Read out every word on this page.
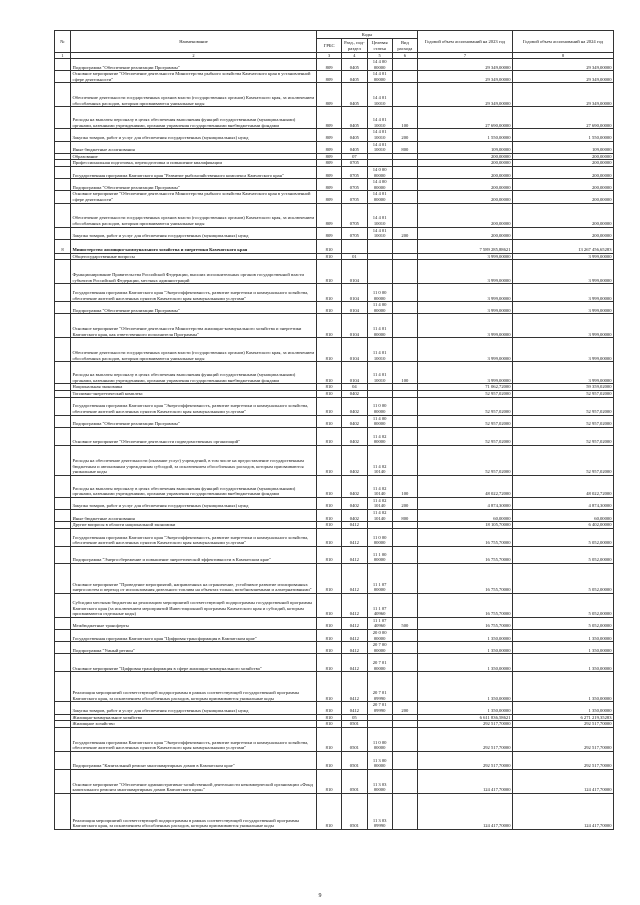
№	Наименование	Коды				Годовой объем ассигнований на 2023 год	Годовой объем ассигнований на 2024 год
		ГРБС	Разд., под-раздел	Целевая статья	Вид расхода		
1	2	3	4	5	6	7	8
	Подпрограмма "Обеспечение реализации Программы"	809	0405	14 4 00 00000		29 349,00000	29 349,00000
	Основное мероприятие "Обеспечение деятельности Министерства рыбного хозяйства Камчатского края в установленной сфере деятельности"	809	0405	14 4 01 00000		29 349,00000	29 349,00000
	Обеспечение деятельности государственных органов власти (государственных органов) Камчатского края, за исключением обособленных расходов, которым присваиваются уникальные коды	809	0405	14 4 01 10010		29 349,00000	29 349,00000
	Расходы на выплаты персоналу в целях обеспечения выполнения функций государственными (муниципальными) органами, казенными учреждениями, органами управления государственными внебюджетными фондами	809	0405	14 4 01 10010	100	27 690,00000	27 690,00000
	Закупка товаров, работ и услуг для обеспечения государственных (муниципальных) нужд	809	0405	14 4 01 10010	200	1 550,00000	1 550,00000
	Иные бюджетные ассигнования	809	0405	14 4 01 10010	800	109,00000	109,00000
	Образование	809	07			200,00000	200,00000
	Профессиональная подготовка, переподготовка и повышение квалификации	809	0705			200,00000	200,00000
	Государственная программа Камчатского края "Развитие рыбохозяйственного комплекса Камчатского края"	809	0705	14 0 00 00000		200,00000	200,00000
	Подпрограмма "Обеспечение реализации Программы"	809	0705	14 4 00 00000		200,00000	200,00000
	Основное мероприятие "Обеспечение деятельности Министерства рыбного хозяйства Камчатского края в установленной сфере деятельности"	809	0705	14 4 01 00000		200,00000	200,00000
	Обеспечение деятельности государственных органов власти (государственных органов) Камчатского края, за исключением обособленных расходов, которым присваиваются уникальные коды	809	0705	14 4 01 10010		200,00000	200,00000
	Закупка товаров, работ и услуг для обеспечения государственных (муниципальных) нужд	809	0705	14 4 01 10010	200	200,00000	200,00000
8	Министерство жилищно-коммунального хозяйства и энергетики Камчатского края	810				7 589 285,88621	13 267 456,65283
	Общегосударственные вопросы	810	01			3 999,00000	3 999,00000
	Функционирование Правительства Российской Федерации, высших исполнительных органов государственной власти субъектов Российской Федерации, местных администраций	810	0104			3 999,00000	3 999,00000
	Государственная программа Камчатского края "Энергоэффективность, развитие энергетики и коммунального хозяйства, обеспечение жителей населенных пунктов Камчатского края коммунальными услугами"	810	0104	11 0 00 00000		3 999,00000	3 999,00000
	Подпрограмма "Обеспечение реализации Программы"	810	0104	11 4 00 00000		3 999,00000	3 999,00000
	Основное мероприятие "Обеспечение деятельности Министерства жилищно-коммунального хозяйства и энергетики Камчатского края, как ответственного исполнителя Программы"	810	0104	11 4 01 00000		3 999,00000	3 999,00000
	Обеспечение деятельности государственных органов власти (государственных органов) Камчатского края, за исключением обособленных расходов, которым присваиваются уникальные коды	810	0104	11 4 01 10010		3 999,00000	3 999,00000
	Расходы на выплаты персоналу в целях обеспечения выполнения функций государственными (муниципальными) органами, казенными учреждениями, органами управления государственными внебюджетными фондами	810	0104	11 4 01 10010	100	3 999,00000	3 999,00000
	Национальная экономика	810	04			71 062,72000	59 359,02000
	Топливно-энергетический комплекс	810	0402			52 957,02000	52 957,02000
	Государственная программа Камчатского края "Энергоэффективность, развитие энергетики и коммунального хозяйства, обеспечение жителей населенных пунктов Камчатского края коммунальными услугами"	810	0402	11 0 00 00000		52 957,02000	52 957,02000
	Подпрограмма "Обеспечение реализации Программы"	810	0402	11 4 00 00000		52 957,02000	52 957,02000
	Основное мероприятие "Обеспечение деятельности подведомственных организаций"	810	0402	11 4 02 00000		52 957,02000	52 957,02000
	Расходы на обеспечение деятельности (оказание услуг) учреждений, в том числе на предоставление государственным бюджетным и автономным учреждениям субсидий, за исключением обособленных расходов, которым присваиваются уникальные коды	810	0402	11 4 02 10140		52 957,02000	52 957,02000
	Расходы на выплаты персоналу в целях обеспечения выполнения функций государственными (муниципальными) органами, казенными учреждениями, органами управления государственными внебюджетными фондами	810	0402	11 4 02 10140	100	48 022,72000	48 022,72000
	Закупка товаров, работ и услуг для обеспечения государственных (муниципальных) нужд	810	0402	11 4 02 10140	200	4 874,30000	4 874,30000
	Иные бюджетные ассигнования	810	0402	11 4 02 10140	800	60,00000	60,00000
	Другие вопросы в области национальной экономики	810	0412			18 105,70000	6 402,00000
	Государственная программа Камчатского края "Энергоэффективность, развитие энергетики и коммунального хозяйства, обеспечение жителей населенных пунктов Камчатского края коммунальными услугами"	810	0412	11 0 00 00000		16 755,70000	5 052,00000
	Подпрограмма "Энергосбережение и повышение энергетической эффективности в Камчатском крае"	810	0412	11 1 00 00000		16 755,70000	5 052,00000
	Основное мероприятие "Проведение мероприятий, направленных на ограничение, устойчивое развитие изолированных энергосистем и переход от использования дизельного топлива на объектах только, возобновляемыми и альтернативными"	810	0412	11 1 07 00000		16 755,70000	5 052,00000
	Субсидии местным бюджетам на реализацию мероприятий соответствующей подпрограммы государственной программы Камчатского края (за исключением мероприятий Инвестиционной программы Камчатского края и субсидий, которым присваиваются отдельные коды)	810	0412	11 1 07 40960		16 755,70000	5 052,00000
	Межбюджетные трансферты	810	0412	11 1 07 40960	500	16 755,70000	5 052,00000
	Государственная программа Камчатского края "Цифровая трансформация в Камчатском крае"	810	0412	20 0 00 00000		1 350,00000	1 350,00000
	Подпрограмма "Умный регион"	810	0412	20 7 00 00000		1 350,00000	1 350,00000
	Основное мероприятие "Цифровая трансформация в сфере жилищно-коммунального хозяйства"	810	0412	20 7 01 00000		1 350,00000	1 350,00000
	Реализация мероприятий соответствующей подпрограммы в рамках соответствующей государственной программы Камчатского края, за исключением обособленных расходов, которым присваиваются уникальные коды	810	0412	20 7 01 09990		1 350,00000	1 350,00000
	Закупка товаров, работ и услуг для обеспечения государственных (муниципальных) нужд	810	0412	20 7 01 09990	200	1 350,00000	1 350,00000
	Жилищно-коммунальное хозяйство	810	05			6 611 836,58621	6 271 219,35283
	Жилищное хозяйство	810	0501			292 517,70000	292 517,70000
	Государственная программа Камчатского края "Энергоэффективность, развитие энергетики и коммунального хозяйства, обеспечение жителей населенных пунктов Камчатского края коммунальными услугами"	810	0501	11 0 00 00000		292 517,70000	292 517,70000
	Подпрограмма "Капитальный ремонт многоквартирных домов в Камчатском крае"	810	0501	11 3 00 00000		292 517,70000	292 517,70000
	Основное мероприятие "Обеспечение административно-хозяйственной деятельности некоммерческой организации «Фонд капитального ремонта многоквартирных домов Камчатского края»"	810	0501	11 3 03 00000		124 417,70000	124 417,70000
	Реализация мероприятий соответствующей подпрограммы в рамках соответствующей государственной программы Камчатского края, за исключением обособленных расходов, которым присваиваются уникальные коды	810	0501	11 3 03 09990		124 417,70000	124 417,70000
9
